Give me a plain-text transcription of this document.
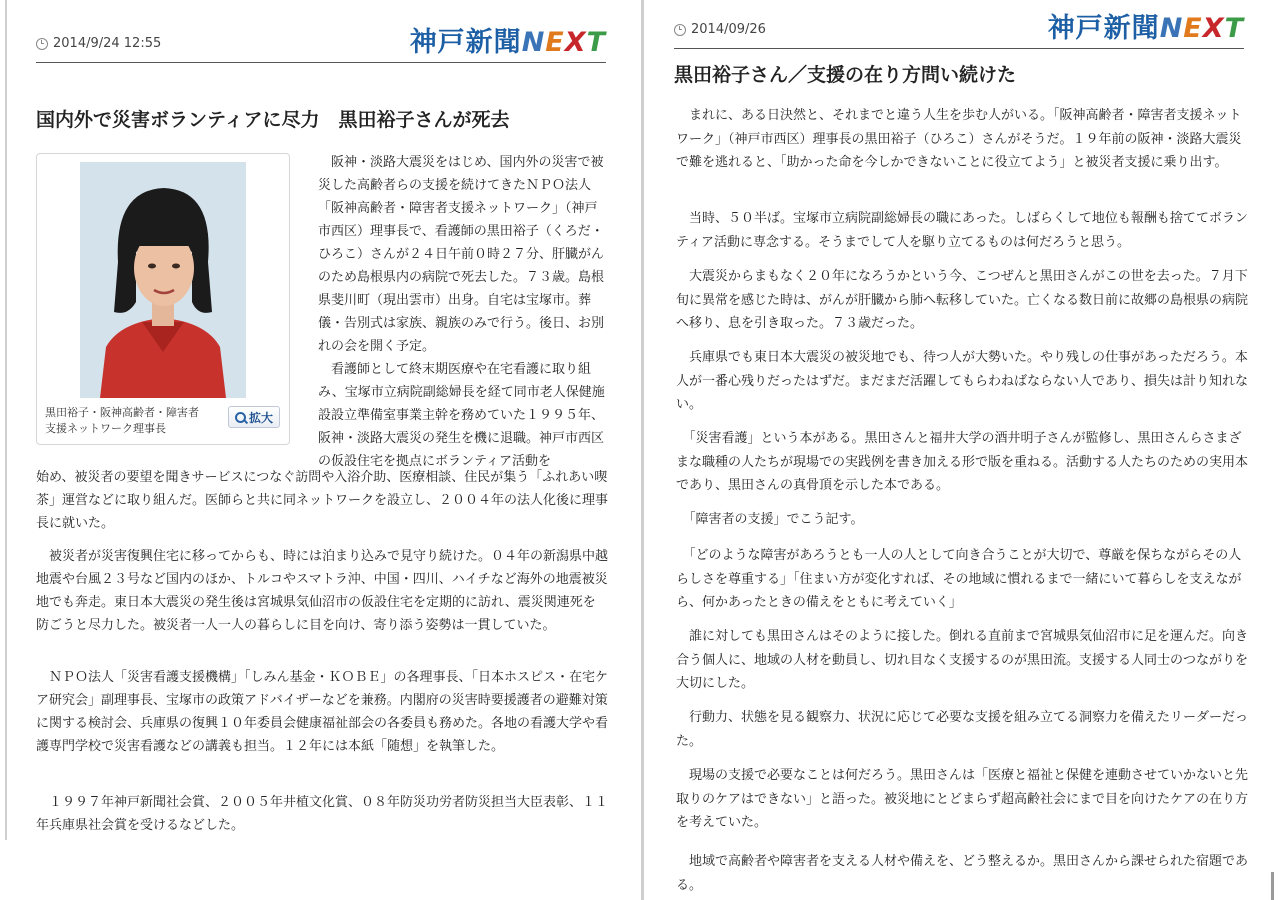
2014/9/24 12:55	神戸新聞NEXT
国内外で災害ボランティアに尽力　黒田裕子さんが死去
黒田裕子・阪神高齢者・障害者
支援ネットワーク理事長
拡大

　阪神・淡路大震災をはじめ、国内外の災害で被災した高齢者らの支援を続けてきたＮＰＯ法人「阪神高齢者・障害者支援ネットワーク」（神戸市西区）理事長で、看護師の黒田裕子（くろだ・ひろこ）さんが２４日午前０時２７分、肝臓がんのため島根県内の病院で死去した。７３歳。島根県斐川町（現出雲市）出身。自宅は宝塚市。葬儀・告別式は家族、親族のみで行う。後日、お別れの会を開く予定。

　看護師として終末期医療や在宅看護に取り組み、宝塚市立病院副総婦長を経て同市老人保健施設設立準備室事業主幹を務めていた１９９５年、阪神・淡路大震災の発生を機に退職。神戸市西区の仮設住宅を拠点にボランティア活動を

始め、被災者の要望を聞きサービスにつなぐ訪問や入浴介助、医療相談、住民が集う「ふれあい喫茶」運営などに取り組んだ。医師らと共に同ネットワークを設立し、２００４年の法人化後に理事長に就いた。

　被災者が災害復興住宅に移ってからも、時には泊まり込みで見守り続けた。０４年の新潟県中越地震や台風２３号など国内のほか、トルコやスマトラ沖、中国・四川、ハイチなど海外の地震被災地でも奔走。東日本大震災の発生後は宮城県気仙沼市の仮設住宅を定期的に訪れ、震災関連死を防ごうと尽力した。被災者一人一人の暮らしに目を向け、寄り添う姿勢は一貫していた。

　ＮＰＯ法人「災害看護支援機構」「しみん基金・ＫＯＢＥ」の各理事長、「日本ホスピス・在宅ケア研究会」副理事長、宝塚市の政策アドバイザーなどを兼務。内閣府の災害時要援護者の避難対策に関する検討会、兵庫県の復興１０年委員会健康福祉部会の各委員も務めた。各地の看護大学や看護専門学校で災害看護などの講義も担当。１２年には本紙「随想」を執筆した。

　１９９７年神戸新聞社会賞、２００５年井植文化賞、０８年防災功労者防災担当大臣表彰、１１年兵庫県社会賞を受けるなどした。

2014/09/26	神戸新聞NEXT
黒田裕子さん／支援の在り方問い続けた

　まれに、ある日決然と、それまでと違う人生を歩む人がいる。「阪神高齢者・障害者支援ネットワーク」（神戸市西区）理事長の黒田裕子（ひろこ）さんがそうだ。１９年前の阪神・淡路大震災で難を逃れると、「助かった命を今しかできないことに役立てよう」と被災者支援に乗り出す。

　当時、５０半ば。宝塚市立病院副総婦長の職にあった。しばらくして地位も報酬も捨ててボランティア活動に専念する。そうまでして人を駆り立てるものは何だろうと思う。

　大震災からまもなく２０年になろうかという今、こつぜんと黒田さんがこの世を去った。７月下旬に異常を感じた時は、がんが肝臓から肺へ転移していた。亡くなる数日前に故郷の島根県の病院へ移り、息を引き取った。７３歳だった。

　兵庫県でも東日本大震災の被災地でも、待つ人が大勢いた。やり残しの仕事があっただろう。本人が一番心残りだったはずだ。まだまだ活躍してもらわねばならない人であり、損失は計り知れない。

　「災害看護」という本がある。黒田さんと福井大学の酒井明子さんが監修し、黒田さんらさまざまな職種の人たちが現場での実践例を書き加える形で版を重ねる。活動する人たちのための実用本であり、黒田さんの真骨頂を示した本である。

　「障害者の支援」でこう記す。

　「どのような障害があろうとも一人の人として向き合うことが大切で、尊厳を保ちながらその人らしさを尊重する」「住まい方が変化すれば、その地域に慣れるまで一緒にいて暮らしを支えながら、何かあったときの備えをともに考えていく」

　誰に対しても黒田さんはそのように接した。倒れる直前まで宮城県気仙沼市に足を運んだ。向き合う個人に、地域の人材を動員し、切れ目なく支援するのが黒田流。支援する人同士のつながりを大切にした。

　行動力、状態を見る観察力、状況に応じて必要な支援を組み立てる洞察力を備えたリーダーだった。

　現場の支援で必要なことは何だろう。黒田さんは「医療と福祉と保健を連動させていかないと先取りのケアはできない」と語った。被災地にとどまらず超高齢社会にまで目を向けたケアの在り方を考えていた。

　地域で高齢者や障害者を支える人材や備えを、どう整えるか。黒田さんから課せられた宿題である。
